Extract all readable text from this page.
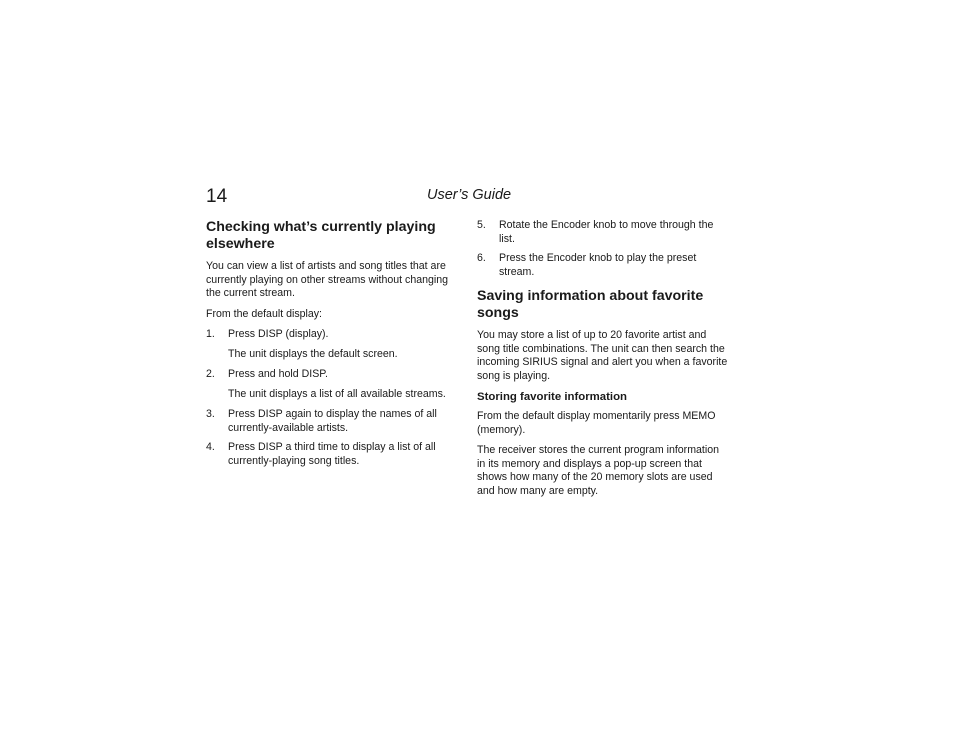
14	User’s Guide
Checking what’s currently playing elsewhere

You can view a list of artists and song titles that are currently playing on other streams without changing the current stream.

From the default display:

1.	Press DISP (display).

The unit displays the default screen.

2.	Press and hold DISP.

The unit displays a list of all available streams.

3.	Press DISP again to display the names of all currently-available artists.
4.	Press DISP a third time to display a list of all currently-playing song titles.
5.	Rotate the Encoder knob to move through the list.
6.	Press the Encoder knob to play the preset stream.
Saving information about favorite songs

You may store a list of up to 20 favorite artist and song title combinations. The unit can then search the incoming SIRIUS signal and alert you when a favorite song is playing.

Storing favorite information

From the default display momentarily press MEMO (memory).

The receiver stores the current program information in its memory and displays a pop-up screen that shows how many of the 20 memory slots are used and how many are empty.
